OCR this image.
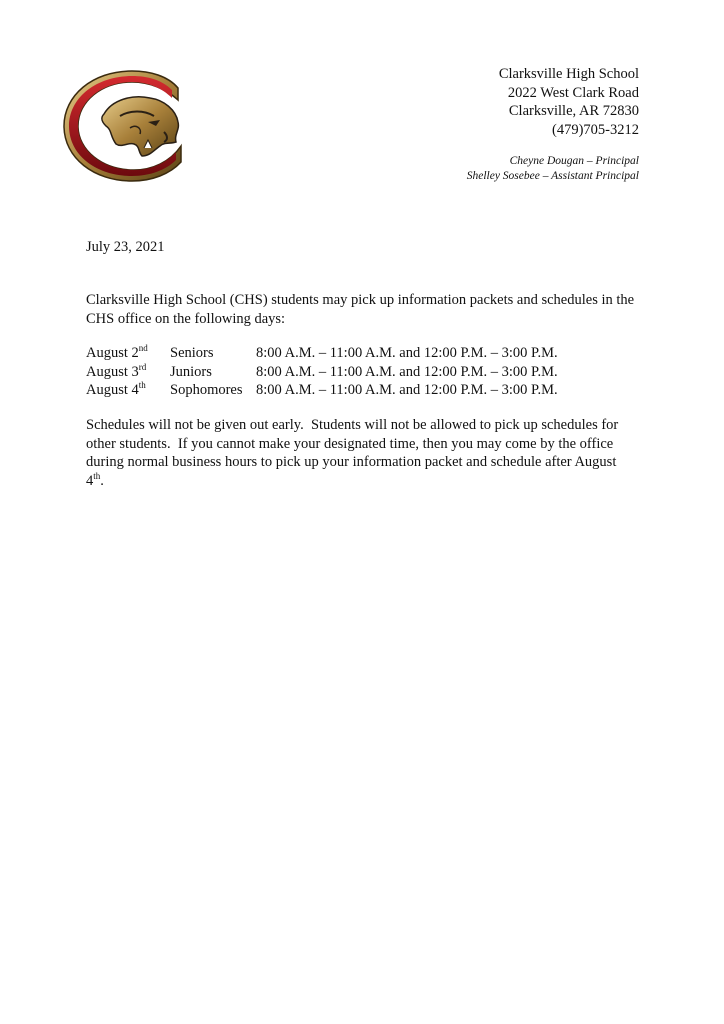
Clarksville High School
2022 West Clark Road
Clarksville, AR 72830
(479)705-3212
Cheyne Dougan – Principal
Shelley Sosebee – Assistant Principal
July 23, 2021
Clarksville High School (CHS) students may pick up information packets and schedules in the CHS office on the following days:
August 2nd	Seniors	8:00 A.M. – 11:00 A.M. and 12:00 P.M. – 3:00 P.M.
August 3rd	Juniors	8:00 A.M. – 11:00 A.M. and 12:00 P.M. – 3:00 P.M.
August 4th	Sophomores 8:00 A.M. – 11:00 A.M. and 12:00 P.M. – 3:00 P.M.
Schedules will not be given out early.  Students will not be allowed to pick up schedules for other students.  If you cannot make your designated time, then you may come by the office during normal business hours to pick up your information packet and schedule after August 4th.
